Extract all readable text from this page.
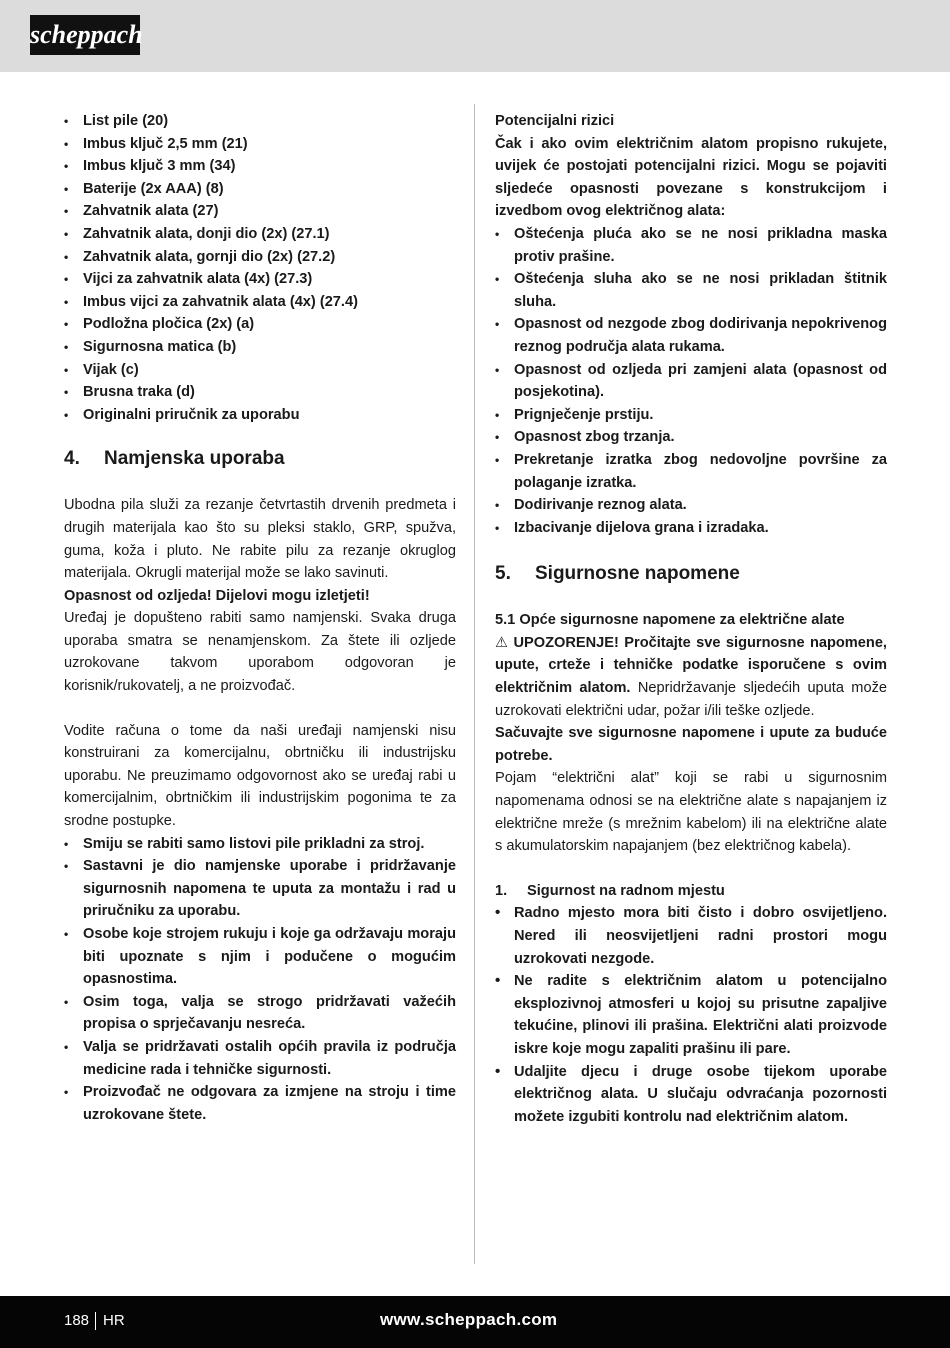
scheppach
• List pile (20)
• Imbus ključ 2,5 mm (21)
• Imbus ključ 3 mm (34)
• Baterije (2x AAA) (8)
• Zahvatnik alata (27)
• Zahvatnik alata, donji dio (2x) (27.1)
• Zahvatnik alata, gornji dio (2x) (27.2)
• Vijci za zahvatnik alata (4x) (27.3)
• Imbus vijci za zahvatnik alata (4x) (27.4)
• Podložna pločica (2x) (a)
• Sigurnosna matica (b)
• Vijak (c)
• Brusna traka (d)
• Originalni priručnik za uporabu
4.	Namjenska uporaba

Ubodna pila služi za rezanje četvrtastih drvenih predmeta i drugih materijala kao što su pleksi staklo, GRP, spužva, guma, koža i pluto. Ne rabite pilu za rezanje okruglog materijala. Okrugli materijal može se lako savinuti.

Opasnost od ozljeda! Dijelovi mogu izletjeti!

Uređaj je dopušteno rabiti samo namjenski. Svaka druga uporaba smatra se nenamjenskom. Za štete ili ozljede uzrokovane takvom uporabom odgovoran je korisnik/rukovatelj, a ne proizvođač.

Vodite računa o tome da naši uređaji namjenski nisu konstruirani za komercijalnu, obrtničku ili industrijsku uporabu. Ne preuzimamo odgovornost ako se uređaj rabi u komercijalnim, obrtničkim ili industrijskim pogonima te za srodne postupke.

• Smiju se rabiti samo listovi pile prikladni za stroj.
• Sastavni je dio namjenske uporabe i pridržavanje sigurnosnih napomena te uputa za montažu i rad u priručniku za uporabu.
• Osobe koje strojem rukuju i koje ga održavaju moraju biti upoznate s njim i podučene o mogućim opasnostima.
• Osim toga, valja se strogo pridržavati važećih propisa o sprječavanju nesreća.
• Valja se pridržavati ostalih općih pravila iz područja medicine rada i tehničke sigurnosti.
• Proizvođač ne odgovara za izmjene na stroju i time uzrokovane štete.
Potencijalni rizici

Čak i ako ovim električnim alatom propisno rukujete, uvijek će postojati potencijalni rizici. Mogu se pojaviti sljedeće opasnosti povezane s konstrukcijom i izvedbom ovog električnog alata:

• Oštećenja pluća ako se ne nosi prikladna maska protiv prašine.
• Oštećenja sluha ako se ne nosi prikladan štitnik sluha.
• Opasnost od nezgode zbog dodirivanja nepokrivenog reznog područja alata rukama.
• Opasnost od ozljeda pri zamjeni alata (opasnost od posjekotina).
• Prignječenje prstiju.
• Opasnost zbog trzanja.
• Prekretanje izratka zbog nedovoljne površine za polaganje izratka.
• Dodirivanje reznog alata.
• Izbacivanje dijelova grana i izradaka.
5.	Sigurnosne napomene
5.1 Opće sigurnosne napomene za električne alate

⚠ UPOZORENJE! Pročitajte sve sigurnosne napomene, upute, crteže i tehničke podatke isporučene s ovim električnim alatom. Nepridržavanje sljedećih uputa može uzrokovati električni udar, požar i/ili teške ozljede.

Sačuvajte sve sigurnosne napomene i upute za buduće potrebe.

Pojam “električni alat” koji se rabi u sigurnosnim napomenama odnosi se na električne alate s napajanjem iz električne mreže (s mrežnim kabelom) ili na električne alate s akumulatorskim napajanjem (bez električnog kabela).

1.	Sigurnost na radnom mjestu
• Radno mjesto mora biti čisto i dobro osvijetljeno. Nered ili neosvijetljeni radni prostori mogu uzrokovati nezgode.
• Ne radite s električnim alatom u potencijalno eksplozivnoj atmosferi u kojoj su prisutne zapaljive tekućine, plinovi ili prašina. Električni alati proizvode iskre koje mogu zapaliti prašinu ili pare.
• Udaljite djecu i druge osobe tijekom uporabe električnog alata. U slučaju odvraćanja pozornosti možete izgubiti kontrolu nad električnim alatom.
188 HR	www.scheppach.com
